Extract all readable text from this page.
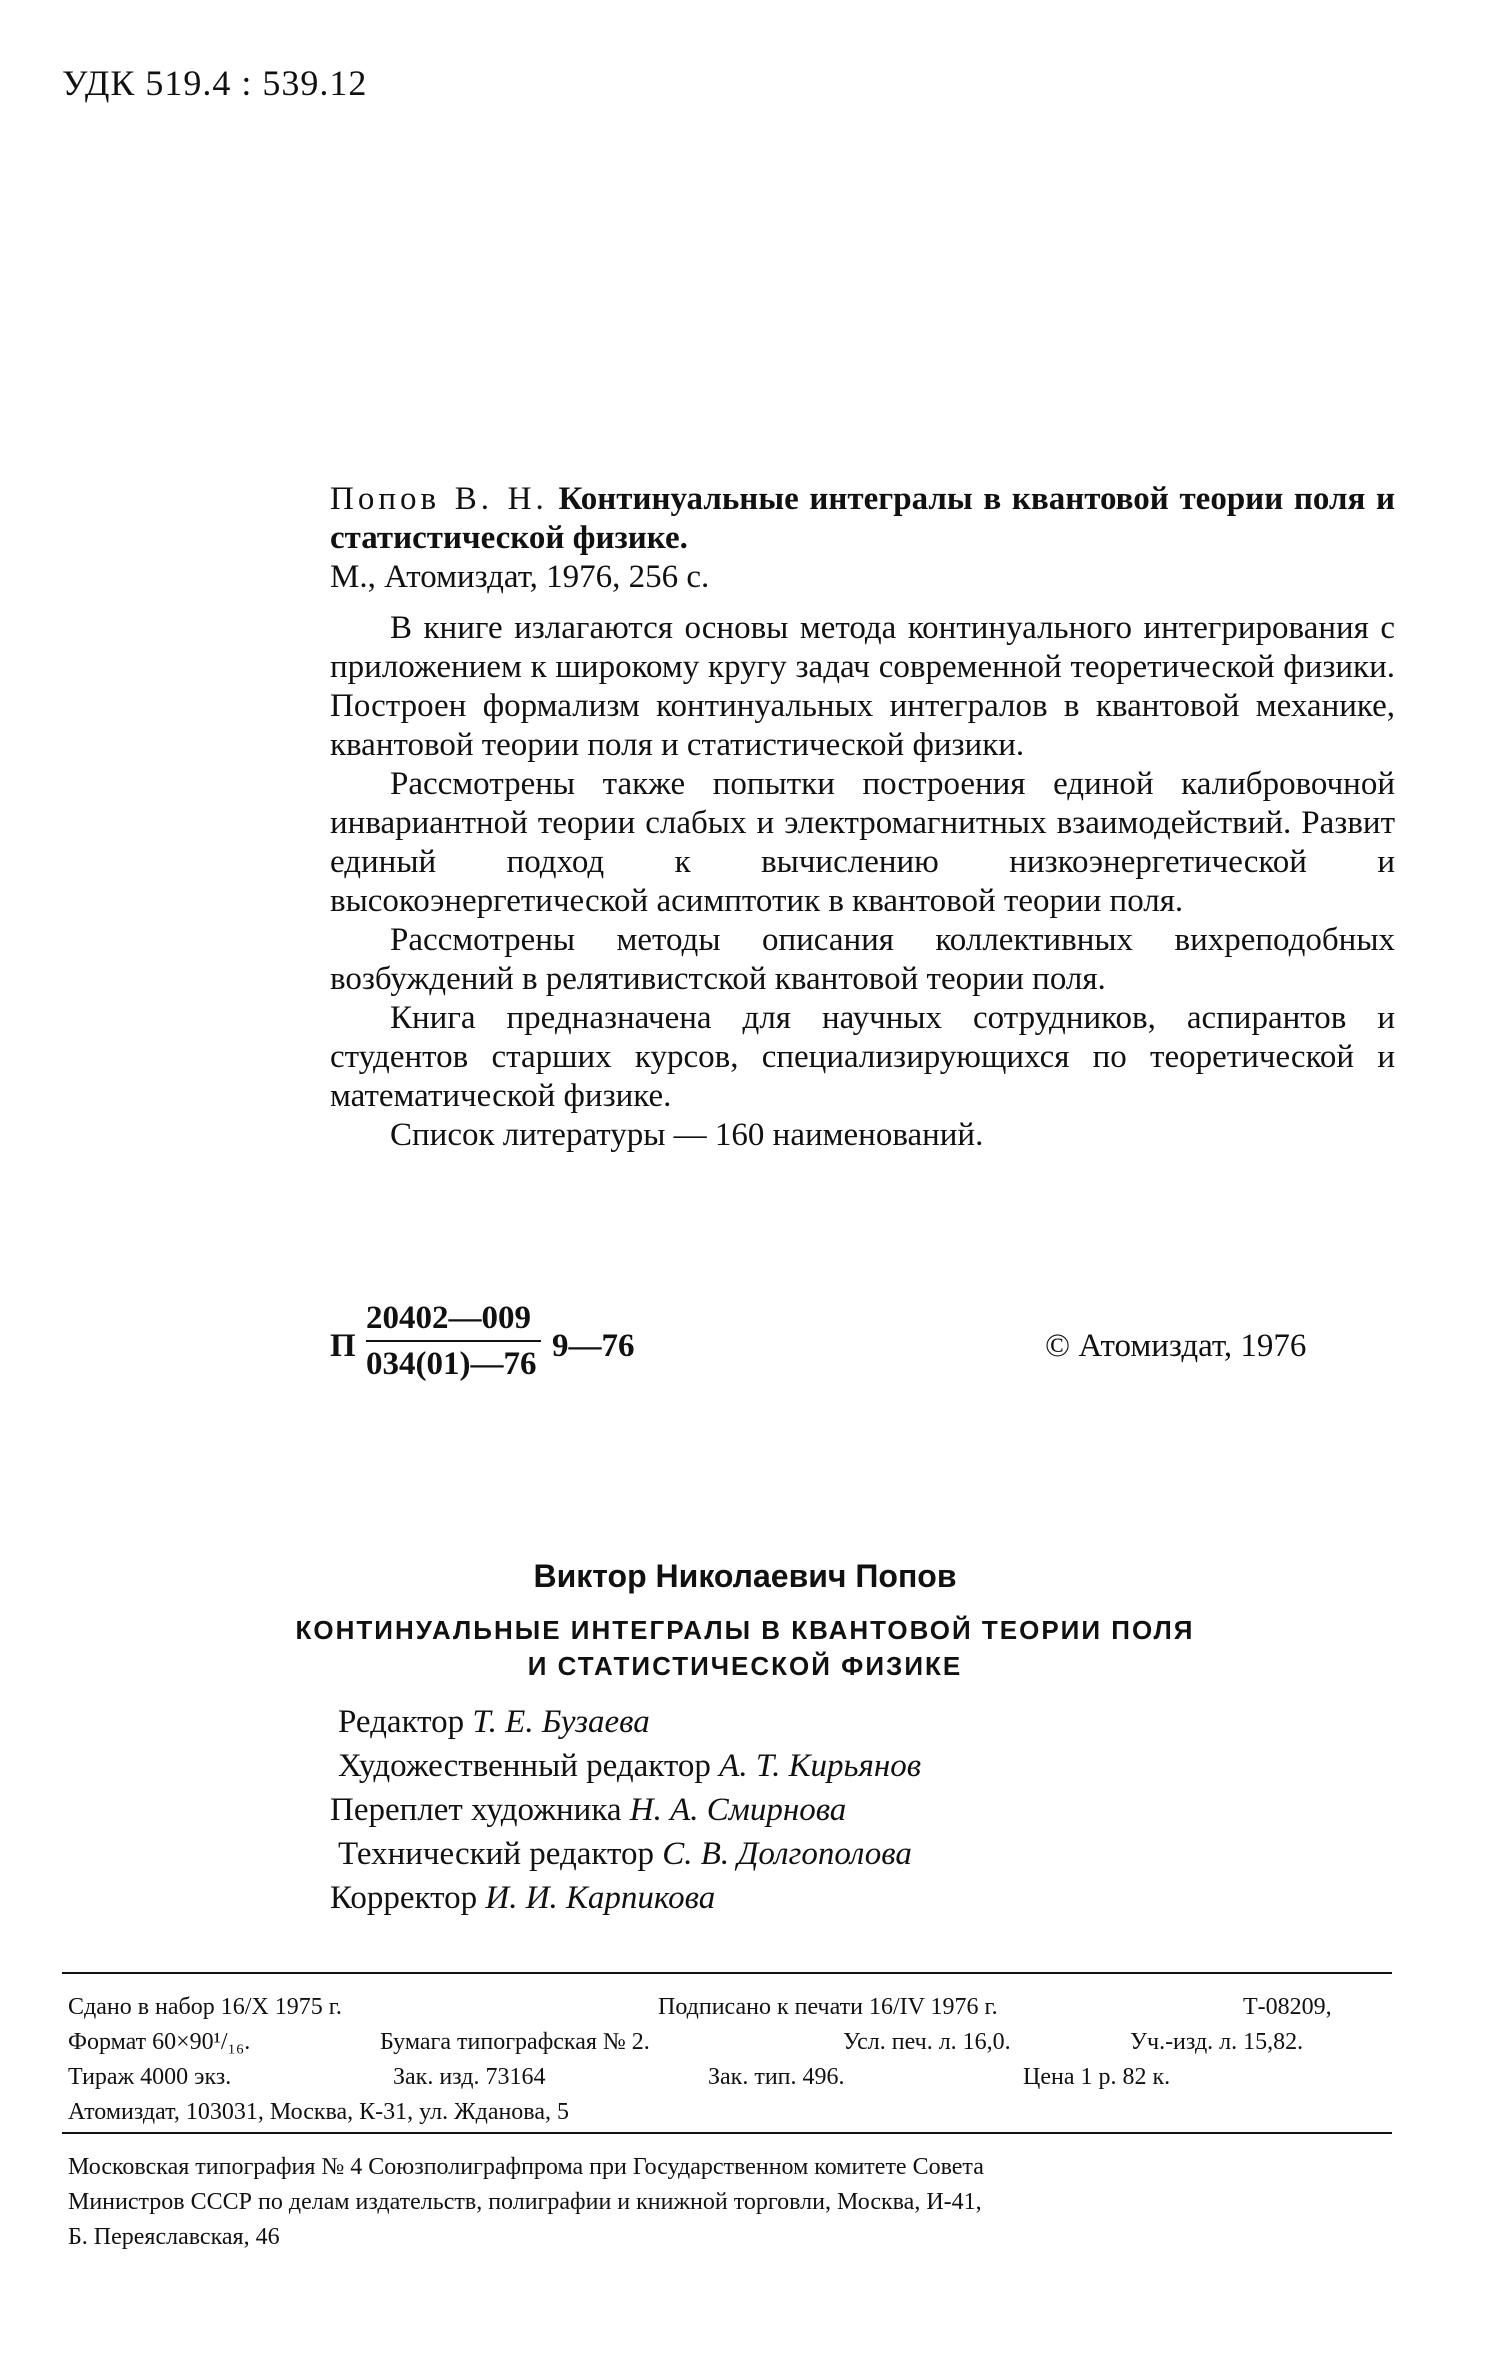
УДК 519.4 : 539.12
Попов В. Н. Континуальные интегралы в квантовой теории поля и статистической физике.
М., Атомиздат, 1976, 256 с.

В книге излагаются основы метода континуального интегрирования с приложением к широкому кругу задач современной теоретической физики. Построен формализм континуальных интегралов в квантовой механике, квантовой теории поля и статистической физики.

Рассмотрены также попытки построения единой калибровочной инвариантной теории слабых и электромагнитных взаимодействий. Развит единый подход к вычислению низкоэнергетической и высокоэнергетической асимптотик в квантовой теории поля.

Рассмотрены методы описания коллективных вихреподобных возбуждений в релятивистской квантовой теории поля.

Книга предназначена для научных сотрудников, аспирантов и студентов старших курсов, специализирующихся по теоретической и математической физике.

Список литературы — 160 наименований.

П
20402—009
034(01)—76 9—76	© Атомиздат, 1976
Виктор Николаевич Попов
КОНТИНУАЛЬНЫЕ ИНТЕГРАЛЫ В КВАНТОВОЙ ТЕОРИИ ПОЛЯ
И СТАТИСТИЧЕСКОЙ ФИЗИКЕ
Редактор Т. Е. Бузаева
Художественный редактор А. Т. Кирьянов
Переплет художника Н. А. Смирнова
Технический редактор С. В. Долгополова
Корректор И. И. Карпикова
Сдано в набор 16/X 1975 г.	Подписано к печати 16/IV 1976 г.	Т-08209,
Формат 60×90¹/₁₆.	Бумага типографская № 2.	Усл. печ. л. 16,0.	Уч.-изд. л. 15,82.
Тираж 4000 экз.	Зак. изд. 73164	Зак. тип. 496.	Цена 1 р. 82 к.
Атомиздат, 103031, Москва, К-31, ул. Жданова, 5
Московская типография № 4 Союзполиграфпрома при Государственном комитете Совета
Министров СССР по делам издательств, полиграфии и книжной торговли, Москва, И-41,
Б. Переяславская, 46
